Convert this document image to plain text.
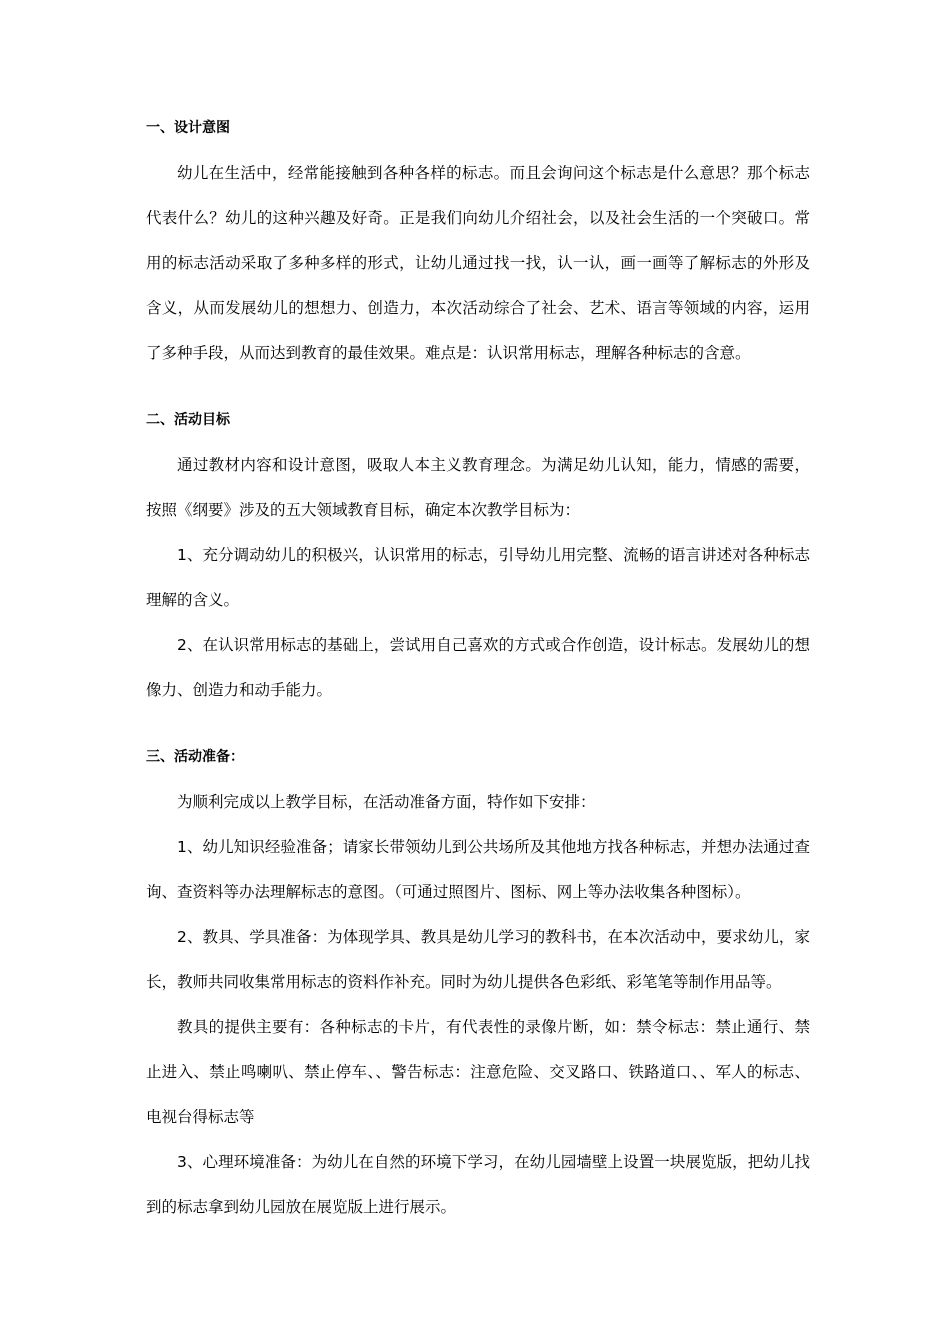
一、设计意图

幼儿在生活中，经常能接触到各种各样的标志。而且会询问这个标志是什么意思？那个标志代表什么？幼儿的这种兴趣及好奇。正是我们向幼儿介绍社会，以及社会生活的一个突破口。常用的标志活动采取了多种多样的形式，让幼儿通过找一找，认一认，画一画等了解标志的外形及含义，从而发展幼儿的想想力、创造力，本次活动综合了社会、艺术、语言等领域的内容，运用了多种手段，从而达到教育的最佳效果。难点是：认识常用标志，理解各种标志的含意。

二、活动目标

通过教材内容和设计意图，吸取人本主义教育理念。为满足幼儿认知，能力，情感的需要，按照《纲要》涉及的五大领域教育目标，确定本次教学目标为：

1、充分调动幼儿的积极兴，认识常用的标志，引导幼儿用完整、流畅的语言讲述对各种标志理解的含义。

2、在认识常用标志的基础上，尝试用自己喜欢的方式或合作创造，设计标志。发展幼儿的想像力、创造力和动手能力。

三、活动准备：

为顺利完成以上教学目标，在活动准备方面，特作如下安排：

1、幼儿知识经验准备；请家长带领幼儿到公共场所及其他地方找各种标志，并想办法通过查询、查资料等办法理解标志的意图。（可通过照图片、图标、网上等办法收集各种图标）。

2、教具、学具准备：为体现学具、教具是幼儿学习的教科书，在本次活动中，要求幼儿，家长，教师共同收集常用标志的资料作补充。同时为幼儿提供各色彩纸、彩笔笔等制作用品等。

教具的提供主要有：各种标志的卡片，有代表性的录像片断，如：禁令标志：禁止通行、禁止进入、禁止鸣喇叭、禁止停车、、警告标志：注意危险、交叉路口、铁路道口、、军人的标志、电视台得标志等

3、心理环境准备：为幼儿在自然的环境下学习，在幼儿园墙壁上设置一块展览版，把幼儿找到的标志拿到幼儿园放在展览版上进行展示。
